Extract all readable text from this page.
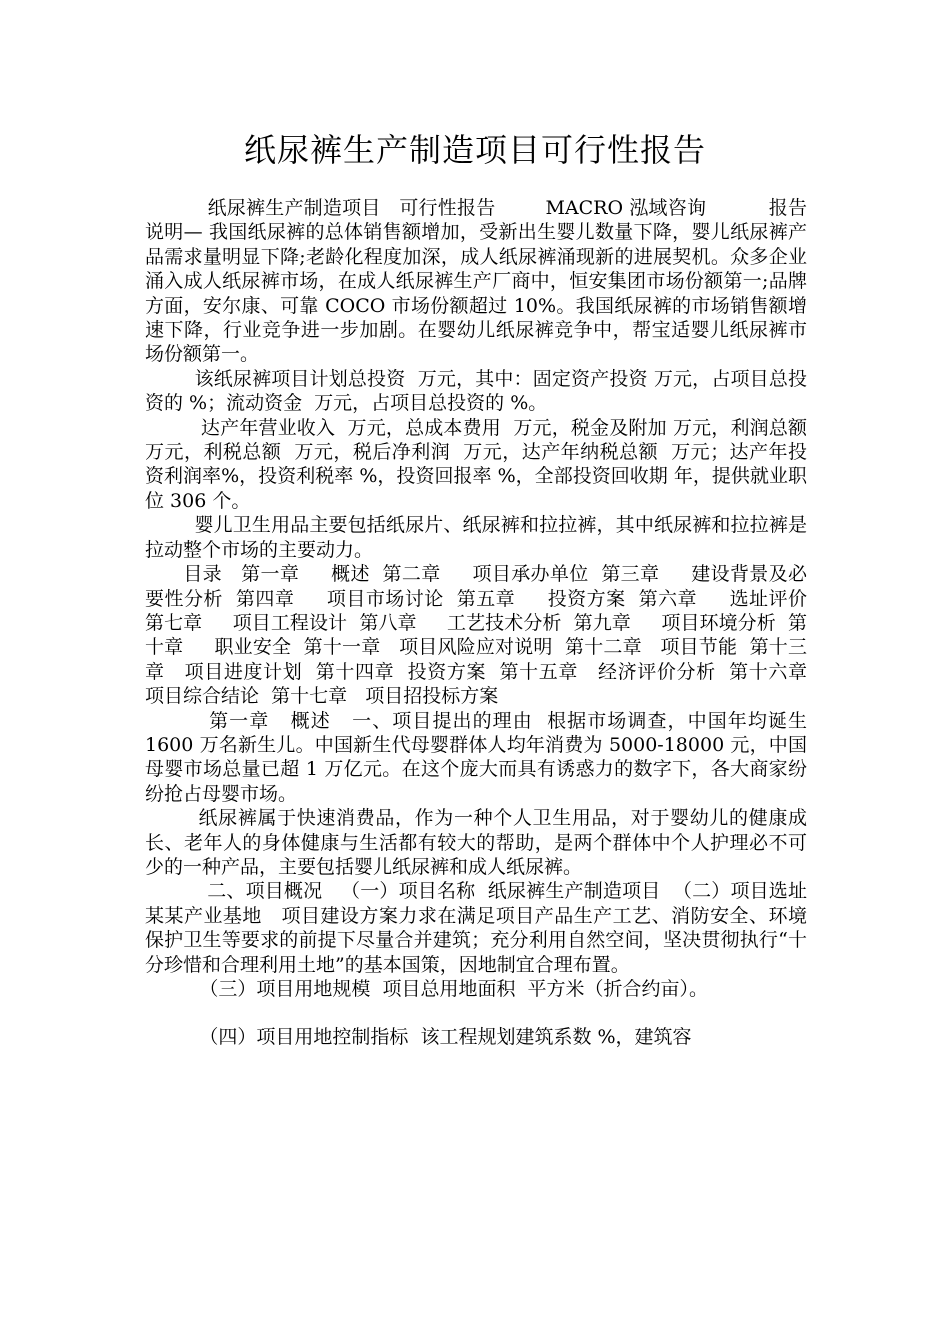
纸尿裤生产制造项目可行性报告

纸尿裤生产制造项目   可行性报告        MACRO 泓域咨询          报告说明— 我国纸尿裤的总体销售额增加，受新出生婴儿数量下降，婴儿纸尿裤产品需求量明显下降;老龄化程度加深，成人纸尿裤涌现新的进展契机。众多企业涌入成人纸尿裤市场，在成人纸尿裤生产厂商中，恒安集团市场份额第一;品牌方面，安尔康、可靠 COCO 市场份额超过 10%。我国纸尿裤的市场销售额增速下降，行业竞争进一步加剧。在婴幼儿纸尿裤竞争中，帮宝适婴儿纸尿裤市场份额第一。

该纸尿裤项目计划总投资  万元，其中：固定资产投资 万元，占项目总投资的 %；流动资金  万元，占项目总投资的 %。

达产年营业收入  万元，总成本费用  万元，税金及附加 万元，利润总额  万元，利税总额  万元，税后净利润  万元，达产年纳税总额  万元；达产年投资利润率%，投资利税率 %，投资回报率 %，全部投资回收期 年，提供就业职位 306 个。

婴儿卫生用品主要包括纸尿片、纸尿裤和拉拉裤，其中纸尿裤和拉拉裤是拉动整个市场的主要动力。

目录   第一章     概述  第二章     项目承办单位  第三章     建设背景及必要性分析  第四章     项目市场讨论  第五章     投资方案  第六章     选址评价  第七章     项目工程设计  第八章     工艺技术分析  第九章     项目环境分析  第十章     职业安全  第十一章   项目风险应对说明  第十二章   项目节能  第十三章   项目进度计划  第十四章  投资方案  第十五章   经济评价分析  第十六章   项目综合结论  第十七章   项目招投标方案

第一章   概述   一、项目提出的理由  根据市场调查，中国年均诞生 1600 万名新生儿。中国新生代母婴群体人均年消费为 5000-18000 元，中国母婴市场总量已超 1 万亿元。在这个庞大而具有诱惑力的数字下，各大商家纷纷抢占母婴市场。

纸尿裤属于快速消费品，作为一种个人卫生用品，对于婴幼儿的健康成长、老年人的身体健康与生活都有较大的帮助，是两个群体中个人护理必不可少的一种产品，主要包括婴儿纸尿裤和成人纸尿裤。

二、项目概况   （一）项目名称  纸尿裤生产制造项目  （二）项目选址  某某产业基地   项目建设方案力求在满足项目产品生产工艺、消防安全、环境保护卫生等要求的前提下尽量合并建筑；充分利用自然空间，坚决贯彻执行“十分珍惜和合理利用土地”的基本国策，因地制宜合理布置。

（三）项目用地规模  项目总用地面积  平方米（折合约亩）。

（四）项目用地控制指标  该工程规划建筑系数 %，建筑容
